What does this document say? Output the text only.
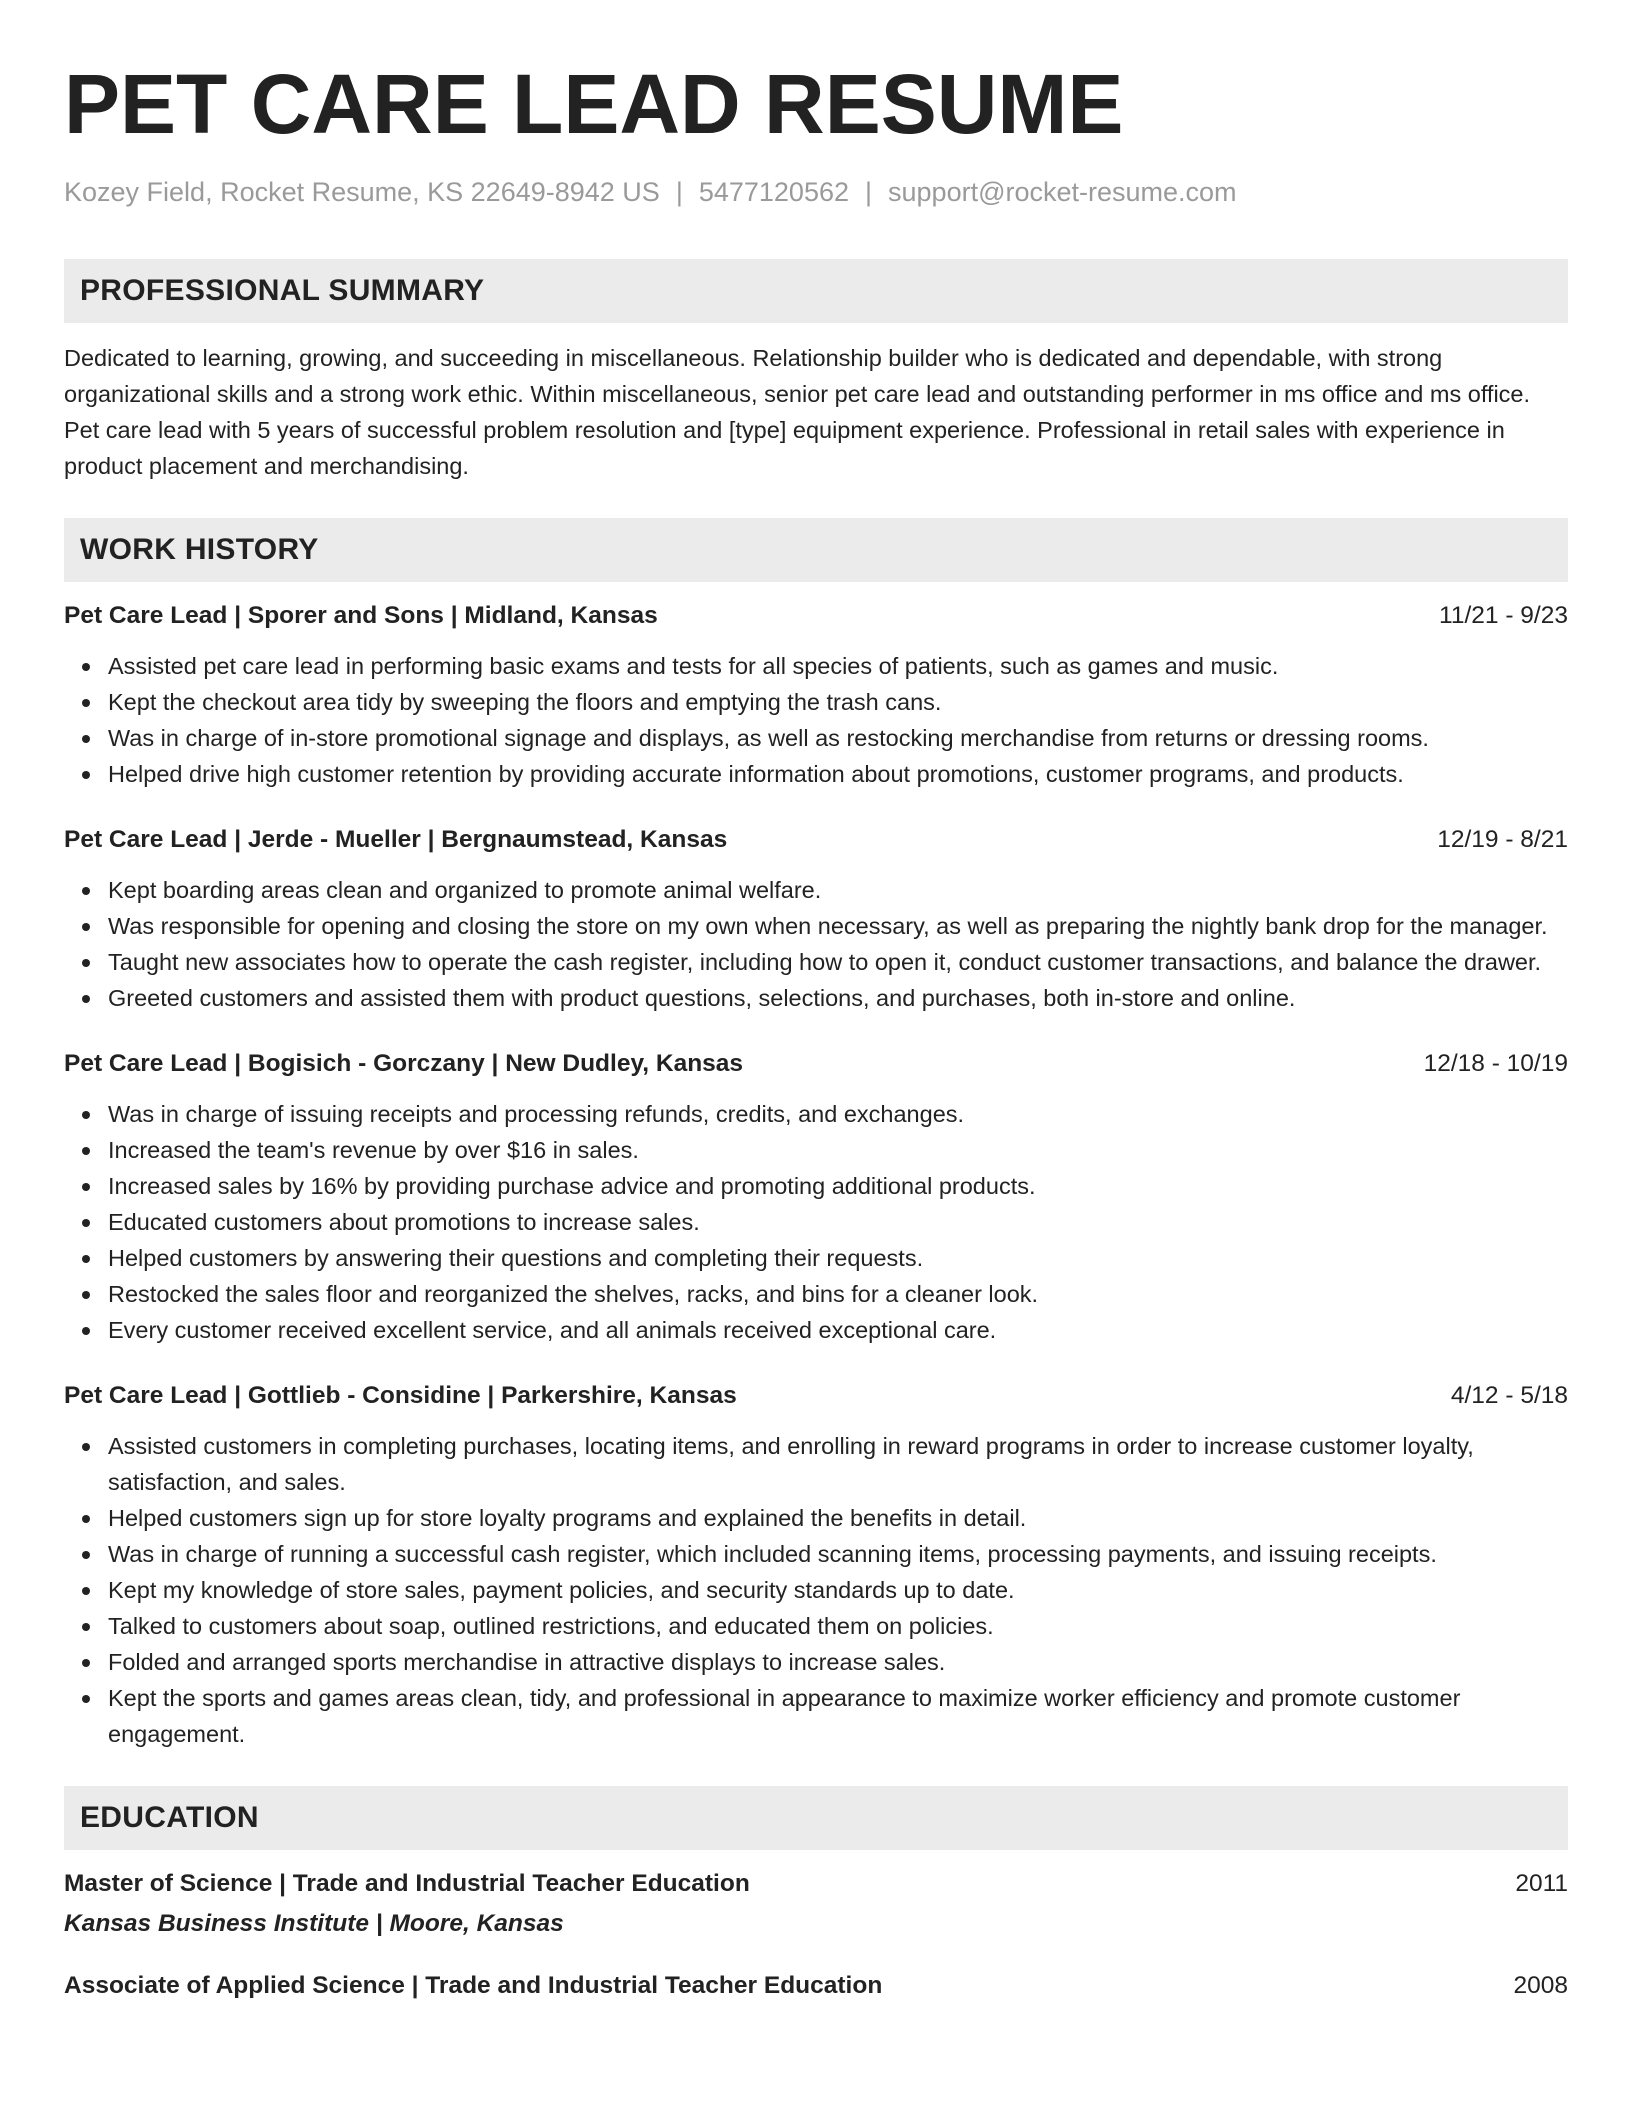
PET CARE LEAD RESUME
Kozey Field, Rocket Resume, KS 22649-8942 US | 5477120562 | support@rocket-resume.com
PROFESSIONAL SUMMARY
Dedicated to learning, growing, and succeeding in miscellaneous. Relationship builder who is dedicated and dependable, with strong organizational skills and a strong work ethic. Within miscellaneous, senior pet care lead and outstanding performer in ms office and ms office. Pet care lead with 5 years of successful problem resolution and [type] equipment experience. Professional in retail sales with experience in product placement and merchandising.
WORK HISTORY
Pet Care Lead | Sporer and Sons | Midland, Kansas	11/21 - 9/23
Assisted pet care lead in performing basic exams and tests for all species of patients, such as games and music.
Kept the checkout area tidy by sweeping the floors and emptying the trash cans.
Was in charge of in-store promotional signage and displays, as well as restocking merchandise from returns or dressing rooms.
Helped drive high customer retention by providing accurate information about promotions, customer programs, and products.
Pet Care Lead | Jerde - Mueller | Bergnaumstead, Kansas	12/19 - 8/21
Kept boarding areas clean and organized to promote animal welfare.
Was responsible for opening and closing the store on my own when necessary, as well as preparing the nightly bank drop for the manager.
Taught new associates how to operate the cash register, including how to open it, conduct customer transactions, and balance the drawer.
Greeted customers and assisted them with product questions, selections, and purchases, both in-store and online.
Pet Care Lead | Bogisich - Gorczany | New Dudley, Kansas	12/18 - 10/19
Was in charge of issuing receipts and processing refunds, credits, and exchanges.
Increased the team's revenue by over $16 in sales.
Increased sales by 16% by providing purchase advice and promoting additional products.
Educated customers about promotions to increase sales.
Helped customers by answering their questions and completing their requests.
Restocked the sales floor and reorganized the shelves, racks, and bins for a cleaner look.
Every customer received excellent service, and all animals received exceptional care.
Pet Care Lead | Gottlieb - Considine | Parkershire, Kansas	4/12 - 5/18
Assisted customers in completing purchases, locating items, and enrolling in reward programs in order to increase customer loyalty, satisfaction, and sales.
Helped customers sign up for store loyalty programs and explained the benefits in detail.
Was in charge of running a successful cash register, which included scanning items, processing payments, and issuing receipts.
Kept my knowledge of store sales, payment policies, and security standards up to date.
Talked to customers about soap, outlined restrictions, and educated them on policies.
Folded and arranged sports merchandise in attractive displays to increase sales.
Kept the sports and games areas clean, tidy, and professional in appearance to maximize worker efficiency and promote customer engagement.
EDUCATION
Master of Science | Trade and Industrial Teacher Education	2011
Kansas Business Institute | Moore, Kansas
Associate of Applied Science | Trade and Industrial Teacher Education	2008
